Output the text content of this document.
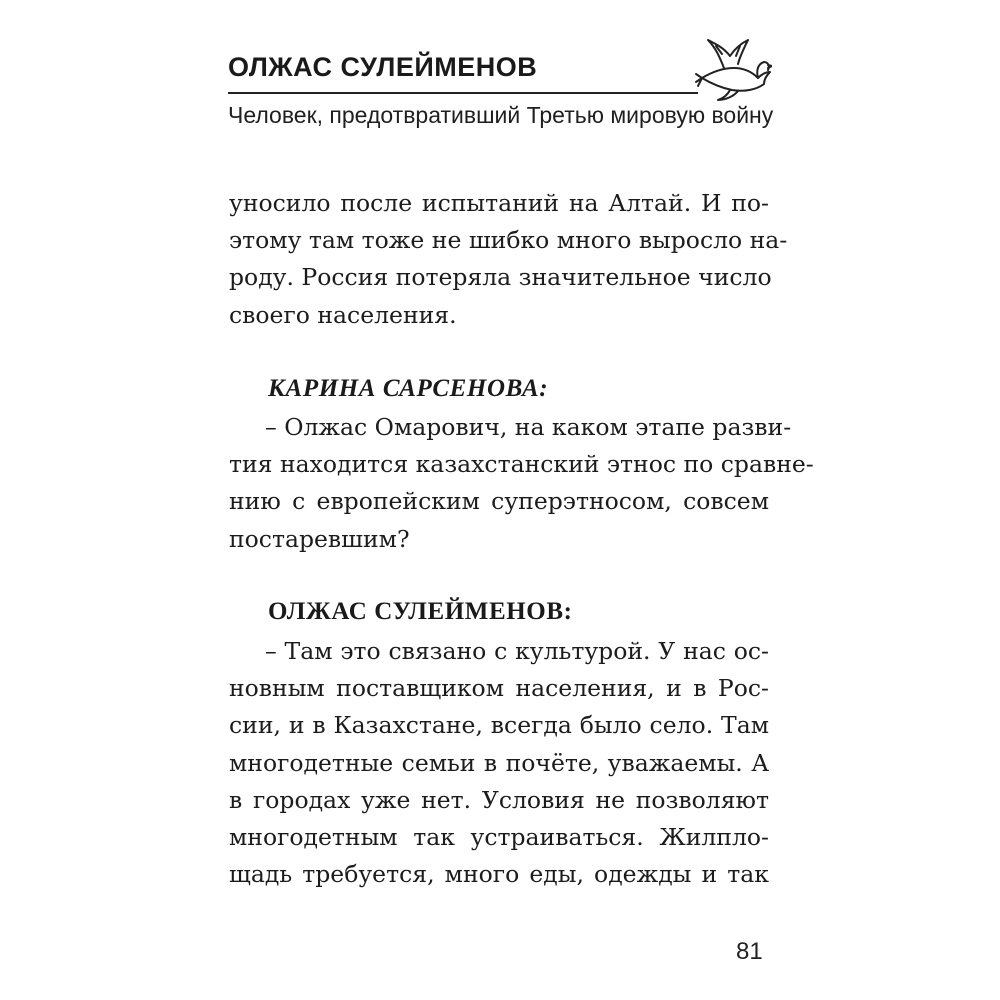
ОЛЖАС СУЛЕЙМЕНОВ
Человек, предотвративший Третью мировую войну
уносило после испытаний на Алтай. И по-
этому там тоже не шибко много выросло на-
роду. Россия потеряла значительное число
своего населения.
КАРИНА САРСЕНОВА:
– Олжас Омарович, на каком этапе разви-
тия находится казахстанский этнос по сравне-
нию с европейским суперэтносом, совсем
постаревшим?
ОЛЖАС СУЛЕЙМЕНОВ:
– Там это связано с культурой. У нас ос-
новным поставщиком населения, и в Рос-
сии, и в Казахстане, всегда было село. Там
многодетные семьи в почёте, уважаемы. А
в городах уже нет. Условия не позволяют
многодетным так устраиваться. Жилпло-
щадь требуется, много еды, одежды и так
81
